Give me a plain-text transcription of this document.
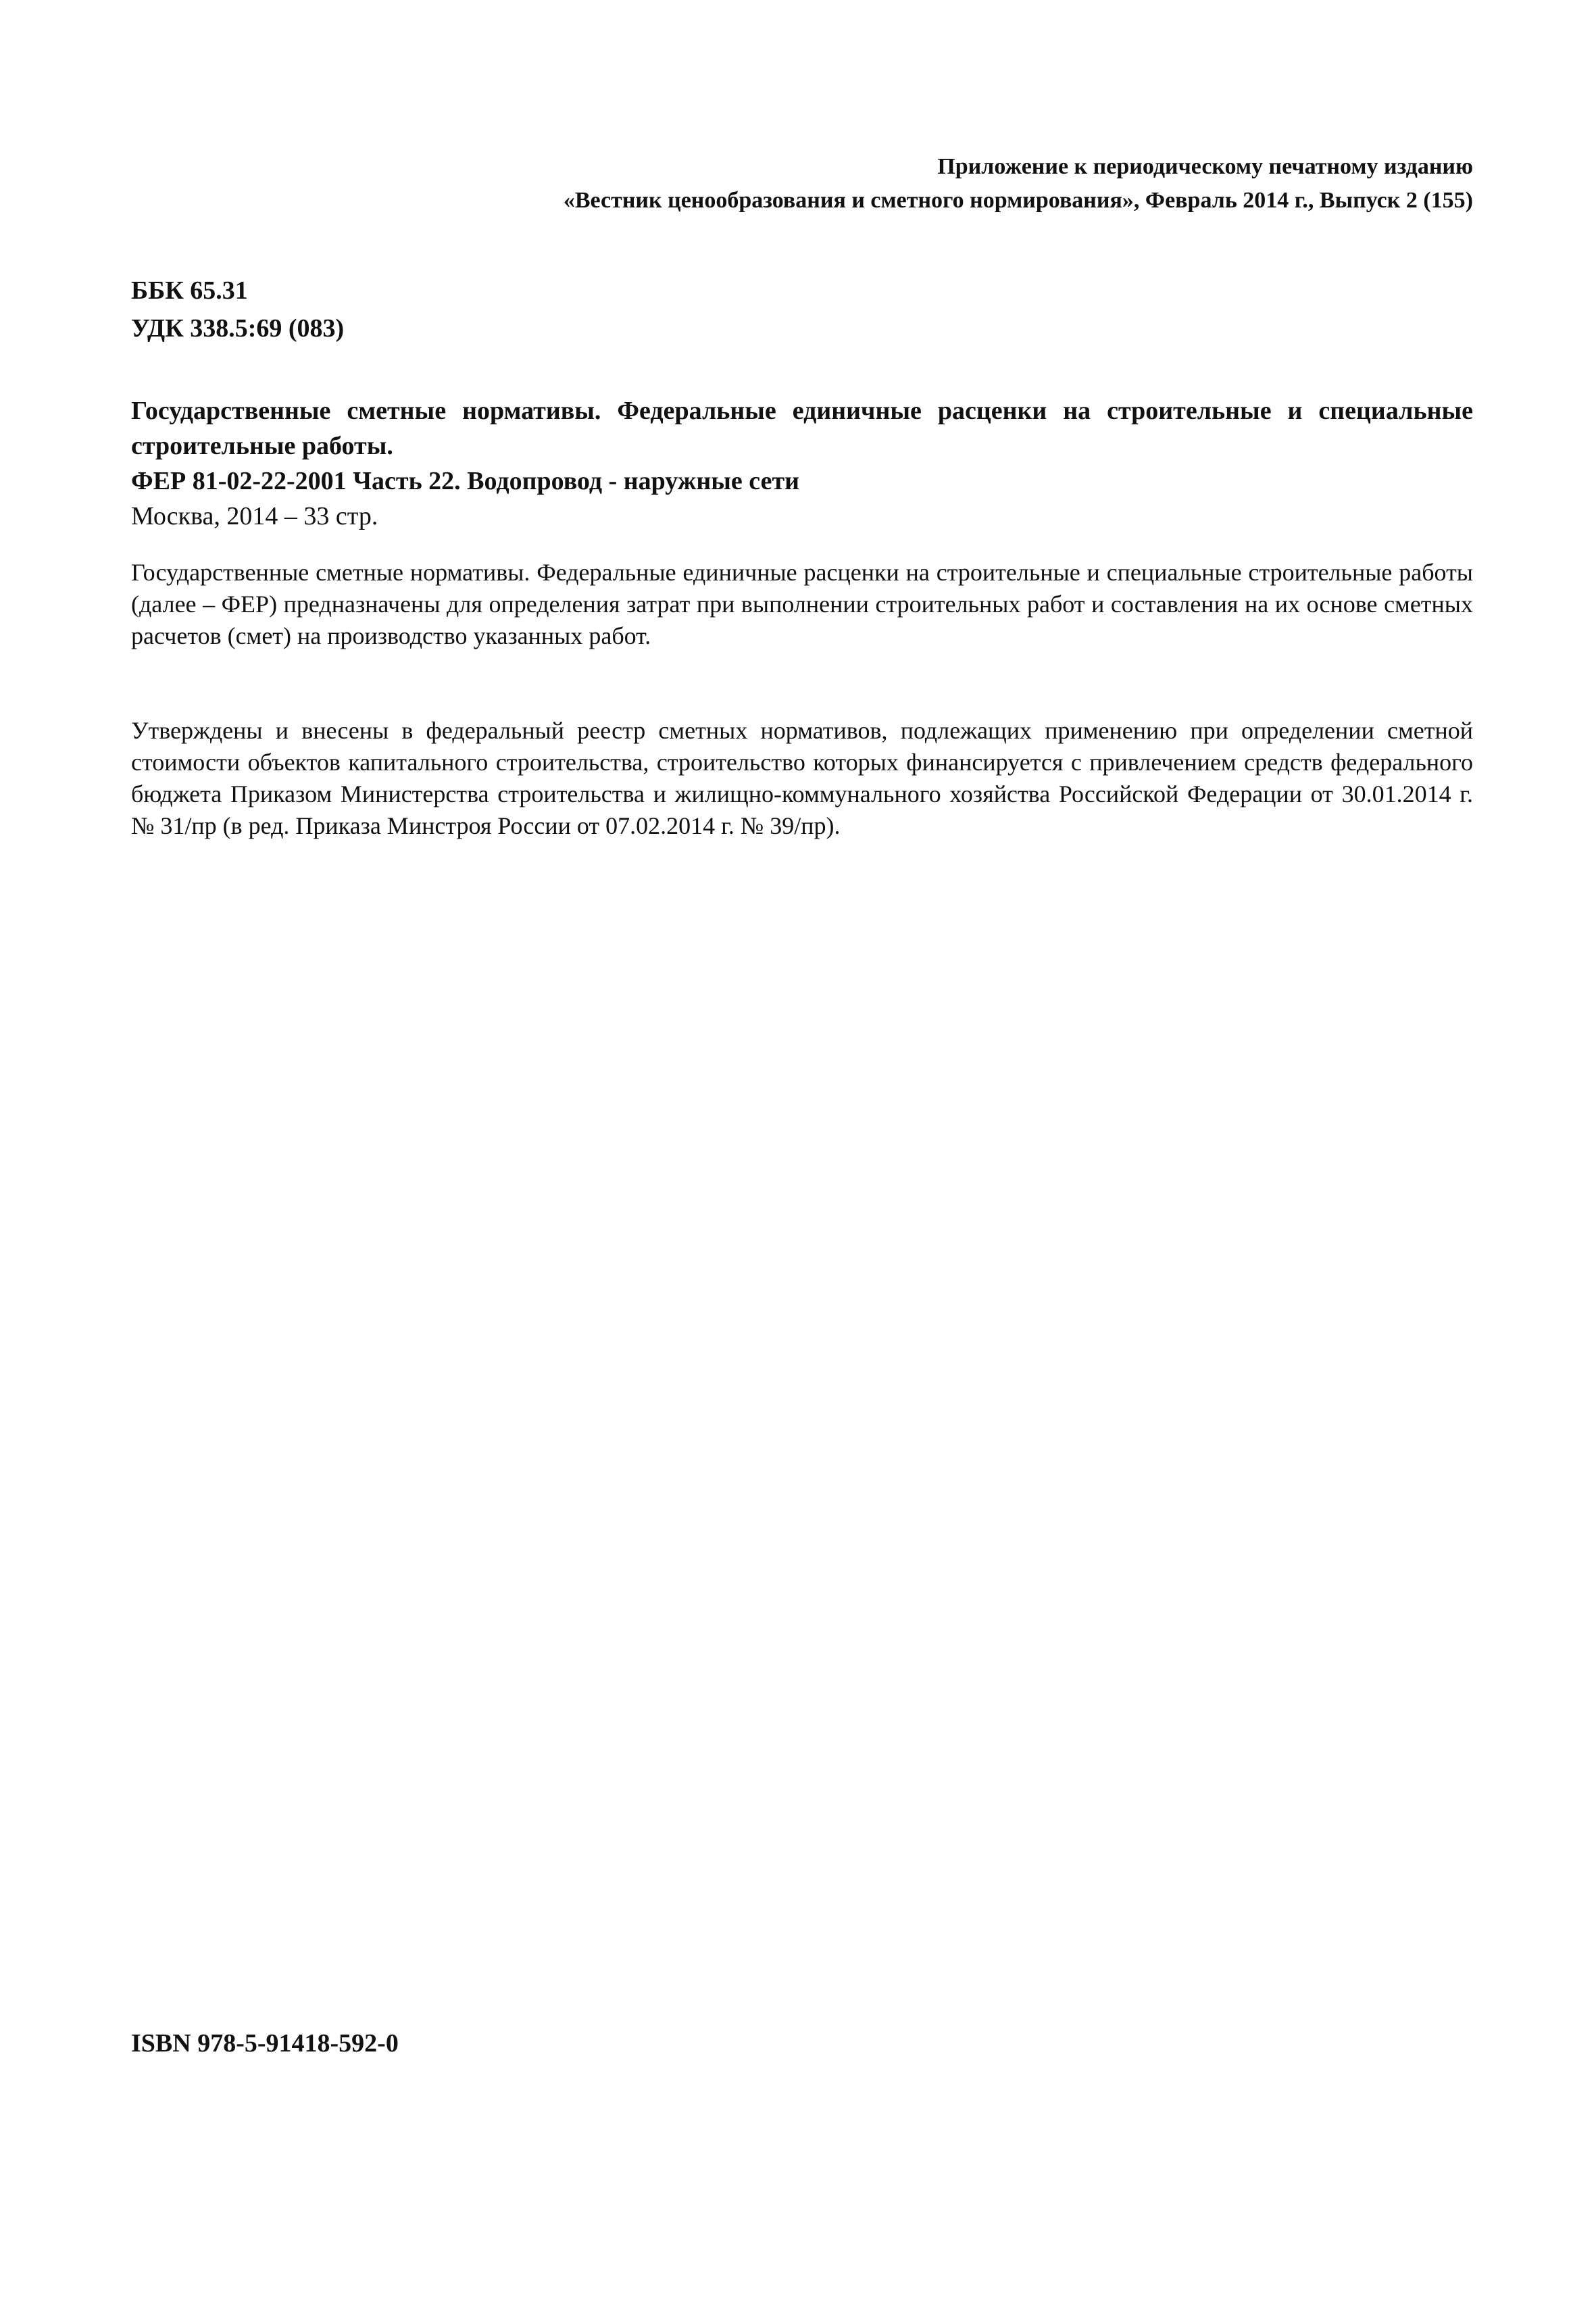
Приложение к периодическому печатному изданию
«Вестник ценообразования и сметного нормирования», Февраль 2014 г., Выпуск 2 (155)
ББК 65.31
УДК 338.5:69 (083)
Государственные сметные нормативы. Федеральные единичные расценки на строительные и специальные строительные работы.
ФЕР 81-02-22-2001 Часть 22. Водопровод - наружные сети
Москва, 2014 – 33 стр.
Государственные сметные нормативы. Федеральные единичные расценки на строительные и специальные строительные работы (далее – ФЕР) предназначены для определения затрат при выполнении строительных работ и составления на их основе сметных расчетов (смет) на производство указанных работ.
Утверждены и внесены в федеральный реестр сметных нормативов, подлежащих применению при определении сметной стоимости объектов капитального строительства, строительство которых финансируется с привлечением средств федерального бюджета Приказом Министерства строительства и жилищно-коммунального хозяйства Российской Федерации от 30.01.2014 г. № 31/пр (в ред. Приказа Минстроя России от 07.02.2014 г. № 39/пр).
ISBN 978-5-91418-592-0
